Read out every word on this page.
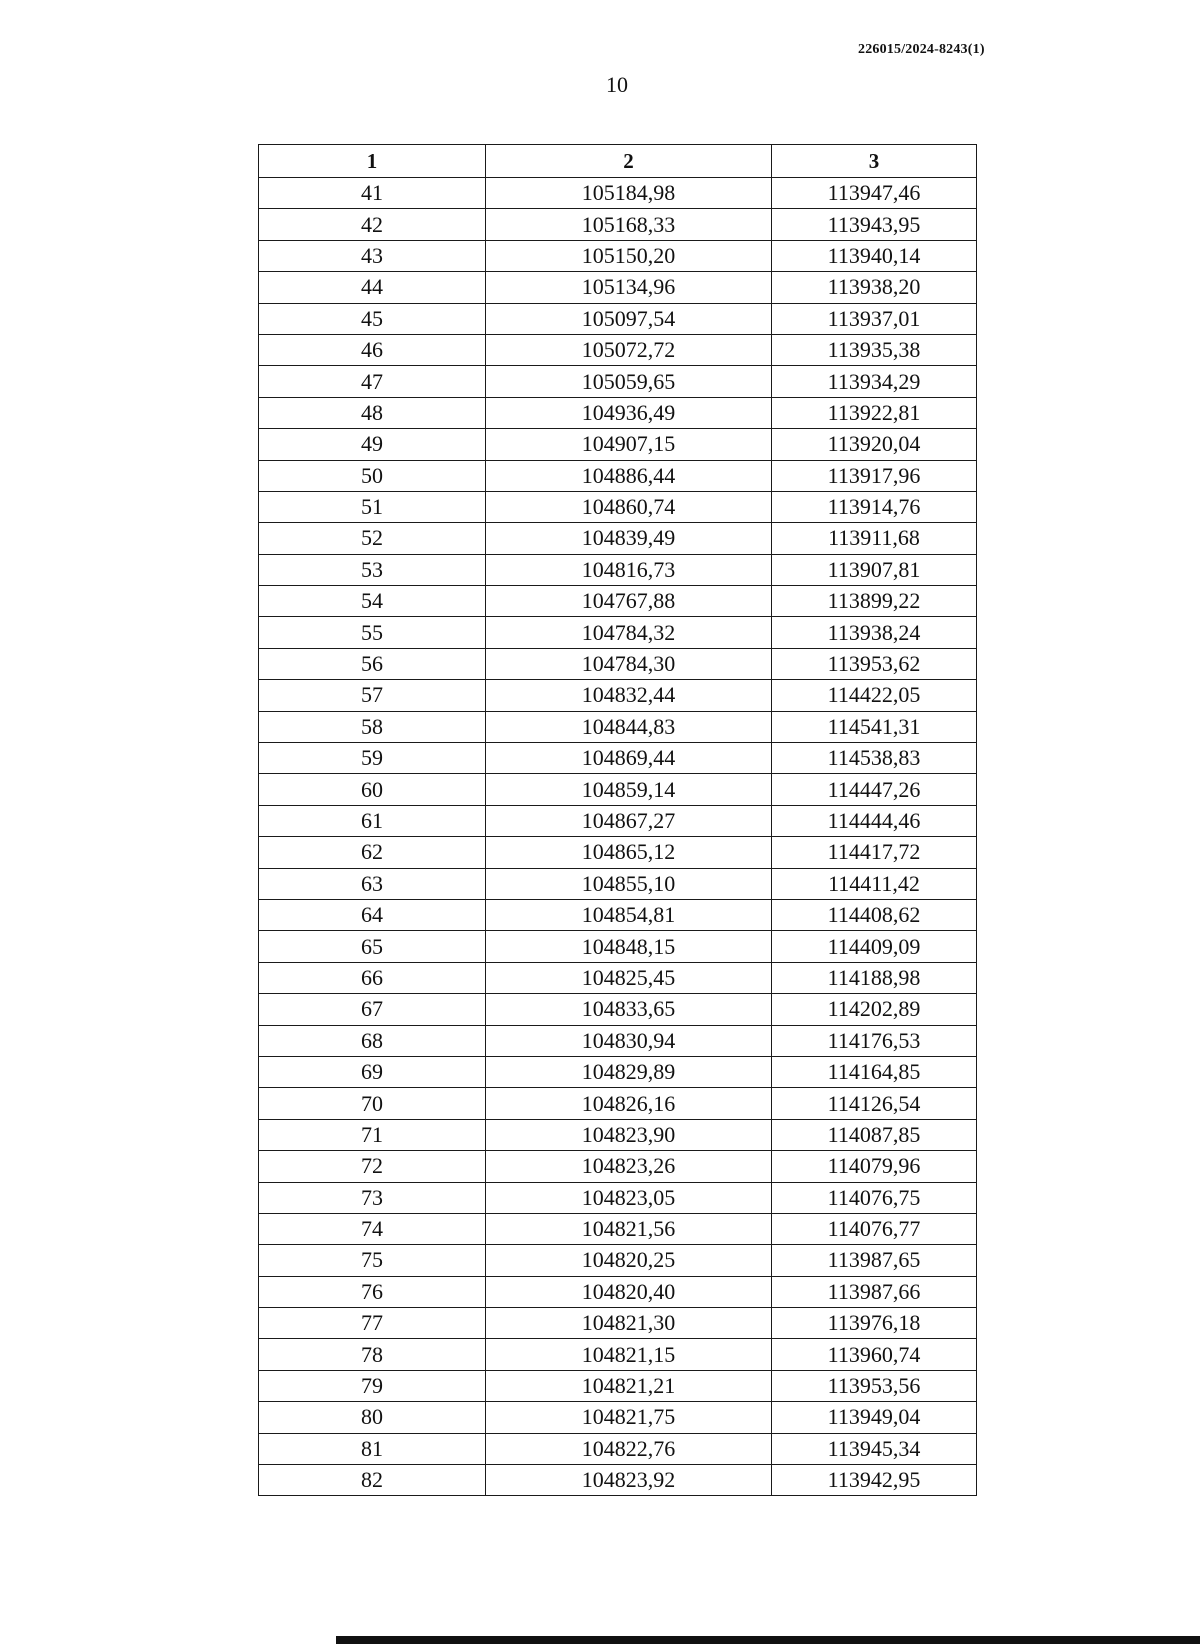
226015/2024-8243(1)
10
1	2	3
41	105184,98	113947,46
42	105168,33	113943,95
43	105150,20	113940,14
44	105134,96	113938,20
45	105097,54	113937,01
46	105072,72	113935,38
47	105059,65	113934,29
48	104936,49	113922,81
49	104907,15	113920,04
50	104886,44	113917,96
51	104860,74	113914,76
52	104839,49	113911,68
53	104816,73	113907,81
54	104767,88	113899,22
55	104784,32	113938,24
56	104784,30	113953,62
57	104832,44	114422,05
58	104844,83	114541,31
59	104869,44	114538,83
60	104859,14	114447,26
61	104867,27	114444,46
62	104865,12	114417,72
63	104855,10	114411,42
64	104854,81	114408,62
65	104848,15	114409,09
66	104825,45	114188,98
67	104833,65	114202,89
68	104830,94	114176,53
69	104829,89	114164,85
70	104826,16	114126,54
71	104823,90	114087,85
72	104823,26	114079,96
73	104823,05	114076,75
74	104821,56	114076,77
75	104820,25	113987,65
76	104820,40	113987,66
77	104821,30	113976,18
78	104821,15	113960,74
79	104821,21	113953,56
80	104821,75	113949,04
81	104822,76	113945,34
82	104823,92	113942,95
